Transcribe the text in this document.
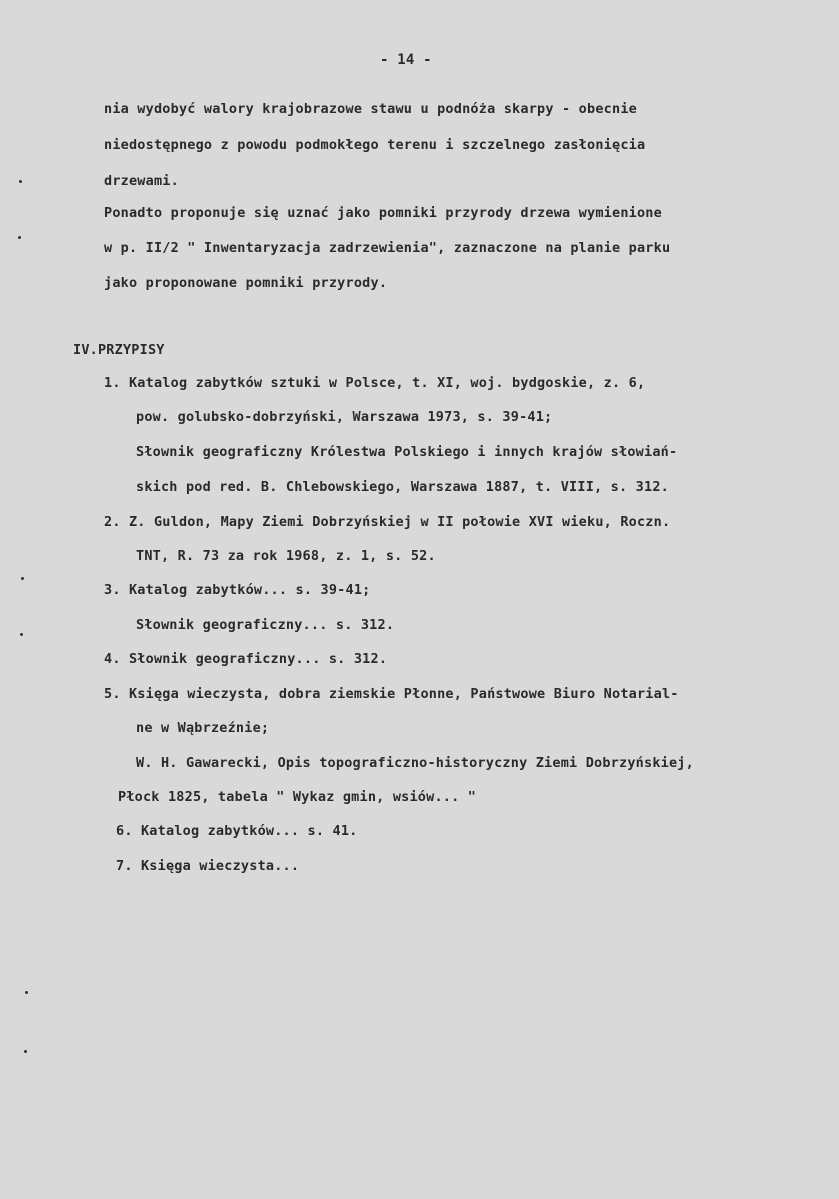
- 14 -
nia wydobyć walory krajobrazowe stawu u podnóża skarpy - obecnie
niedostępnego z powodu podmokłego terenu i szczelnego zasłonięcia
drzewami.
Ponadto proponuje się uznać jako pomniki przyrody drzewa wymienione
w p. II/2 " Inwentaryzacja zadrzewienia", zaznaczone na planie parku
jako proponowane pomniki przyrody.
IV.PRZYPISY
1. Katalog zabytków sztuki w Polsce, t. XI, woj. bydgoskie, z. 6,
pow. golubsko-dobrzyński, Warszawa 1973, s. 39-41;
Słownik geograficzny Królestwa Polskiego i innych krajów słowiań-
skich pod red. B. Chlebowskiego, Warszawa 1887, t. VIII, s. 312.
2. Z. Guldon, Mapy Ziemi Dobrzyńskiej w II połowie XVI wieku, Roczn.
TNT, R. 73 za rok 1968, z. 1, s. 52.
3. Katalog zabytków... s. 39-41;
Słownik geograficzny... s. 312.
4. Słownik geograficzny... s. 312.
5. Księga wieczysta, dobra ziemskie Płonne, Państwowe Biuro Notarial-
ne w Wąbrzeźnie;
W. H. Gawarecki, Opis topograficzno-historyczny Ziemi Dobrzyńskiej,
Płock 1825, tabela " Wykaz gmin, wsiów... "
6. Katalog zabytków... s. 41.
7. Księga wieczysta...
